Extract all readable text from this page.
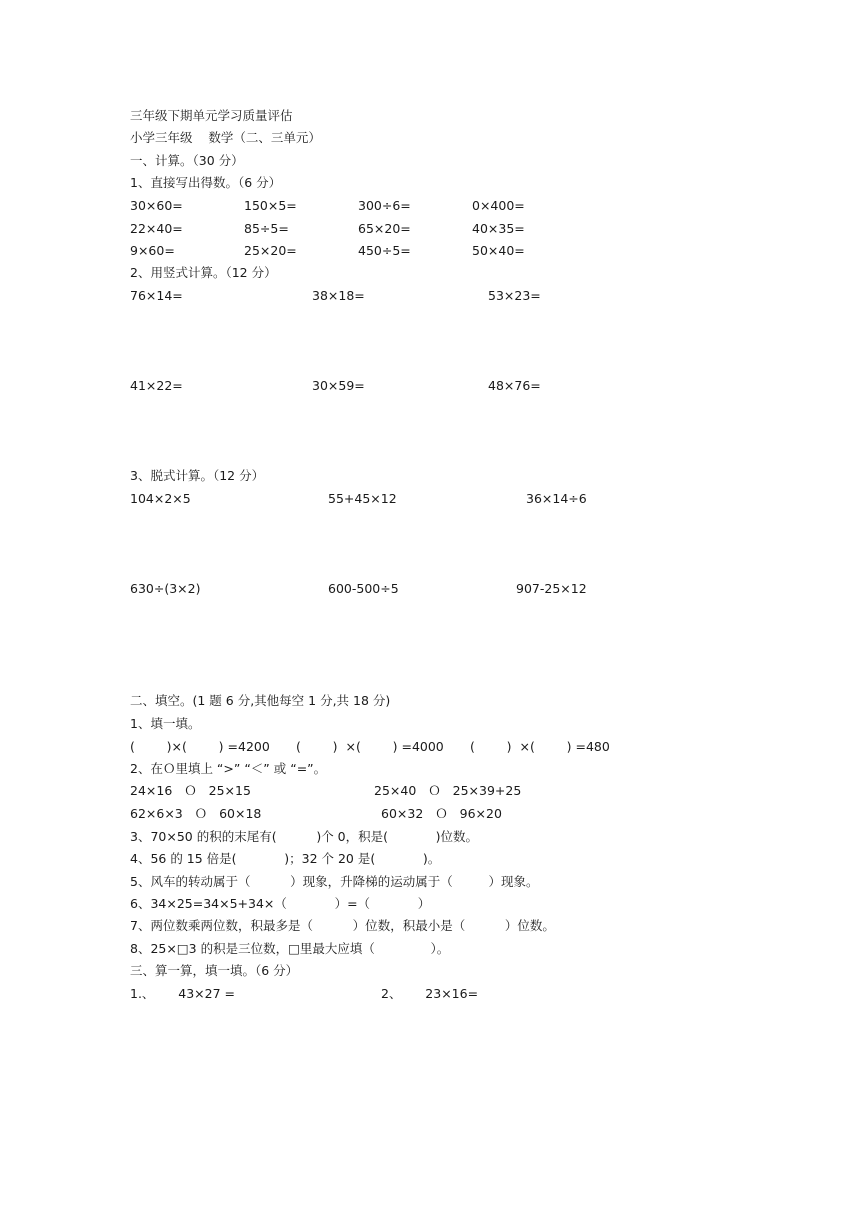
三年级下期单元学习质量评估
小学三年级    数学（二、三单元）
一、计算。（30 分）
1、直接写出得数。（6 分）
30×60=	150×5=	300÷6=	0×400=
22×40=	85÷5=	65×20=	40×35=
9×60=	25×20=	450÷5=	50×40=
2、用竖式计算。（12 分）
76×14=	38×18=	53×23=
41×22=	30×59=	48×76=
3、脱式计算。（12 分）
104×2×5	55+45×12	36×14÷6
630÷(3×2)	600-500÷5	907-25×12
二、填空。(1 题 6 分,其他每空 1 分,共 18 分)
1、填一填。
(        )×(        ) =4200 (        )  ×(        ) =4000 (        )  ×(        ) =480
2、在Ｏ里填上 “>” “＜” 或 “=”。
24×16   Ｏ   25×15	25×40   Ｏ   25×39+25
62×6×3   Ｏ   60×18	60×32   Ｏ   96×20
3、70×50 的积的末尾有(          )个 0，积是(            )位数。
4、56 的 15 倍是(            )；32 个 20 是(            )。
5、风车的转动属于（          ）现象，升降梯的运动属于（         ）现象。
6、34×25=34×5+34×（            ）=（            ）
7、两位数乘两位数，积最多是（          ）位数，积最小是（          ）位数。
8、25×□3 的积是三位数，□里最大应填（              ）。
三、算一算，填一填。（6 分）
1.、      43×27 =	2、      23×16=
